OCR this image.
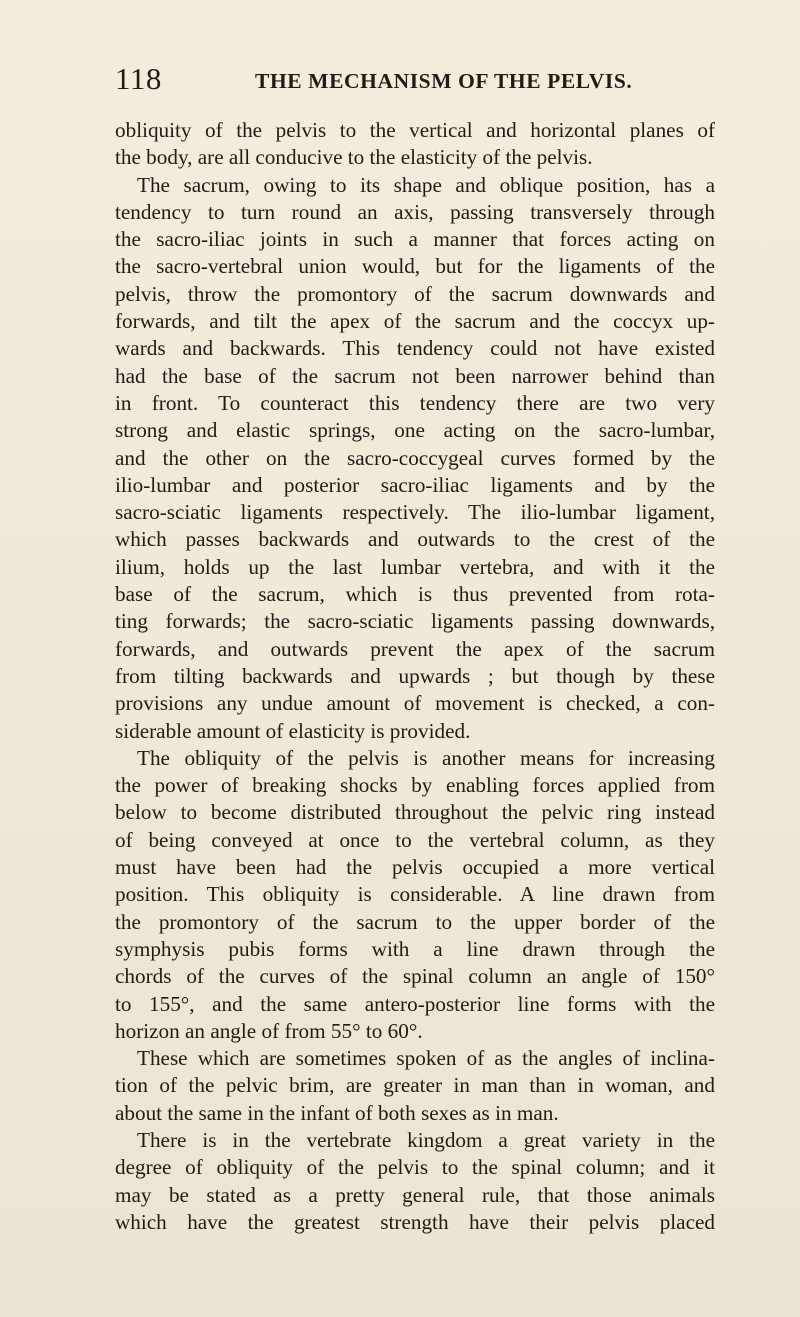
118	THE MECHANISM OF THE PELVIS.
obliquity of the pelvis to the vertical and horizontal planes of
the body, are all conducive to the elasticity of the pelvis.
The sacrum, owing to its shape and oblique position, has a
tendency to turn round an axis, passing transversely through
the sacro-iliac joints in such a manner that forces acting on
the sacro-vertebral union would, but for the ligaments of the
pelvis, throw the promontory of the sacrum downwards and
forwards, and tilt the apex of the sacrum and the coccyx up-
wards and backwards. This tendency could not have existed
had the base of the sacrum not been narrower behind than
in front. To counteract this tendency there are two very
strong and elastic springs, one acting on the sacro-lumbar,
and the other on the sacro-coccygeal curves formed by the
ilio-lumbar and posterior sacro-iliac ligaments and by the
sacro-sciatic ligaments respectively. The ilio-lumbar ligament,
which passes backwards and outwards to the crest of the
ilium, holds up the last lumbar vertebra, and with it the
base of the sacrum, which is thus prevented from rota-
ting forwards; the sacro-sciatic ligaments passing downwards,
forwards, and outwards prevent the apex of the sacrum
from tilting backwards and upwards ; but though by these
provisions any undue amount of movement is checked, a con-
siderable amount of elasticity is provided.
The obliquity of the pelvis is another means for increasing
the power of breaking shocks by enabling forces applied from
below to become distributed throughout the pelvic ring instead
of being conveyed at once to the vertebral column, as they
must have been had the pelvis occupied a more vertical
position. This obliquity is considerable. A line drawn from
the promontory of the sacrum to the upper border of the
symphysis pubis forms with a line drawn through the
chords of the curves of the spinal column an angle of 150°
to 155°, and the same antero-posterior line forms with the
horizon an angle of from 55° to 60°.
These which are sometimes spoken of as the angles of inclina-
tion of the pelvic brim, are greater in man than in woman, and
about the same in the infant of both sexes as in man.
There is in the vertebrate kingdom a great variety in the
degree of obliquity of the pelvis to the spinal column; and it
may be stated as a pretty general rule, that those animals
which have the greatest strength have their pelvis placed
